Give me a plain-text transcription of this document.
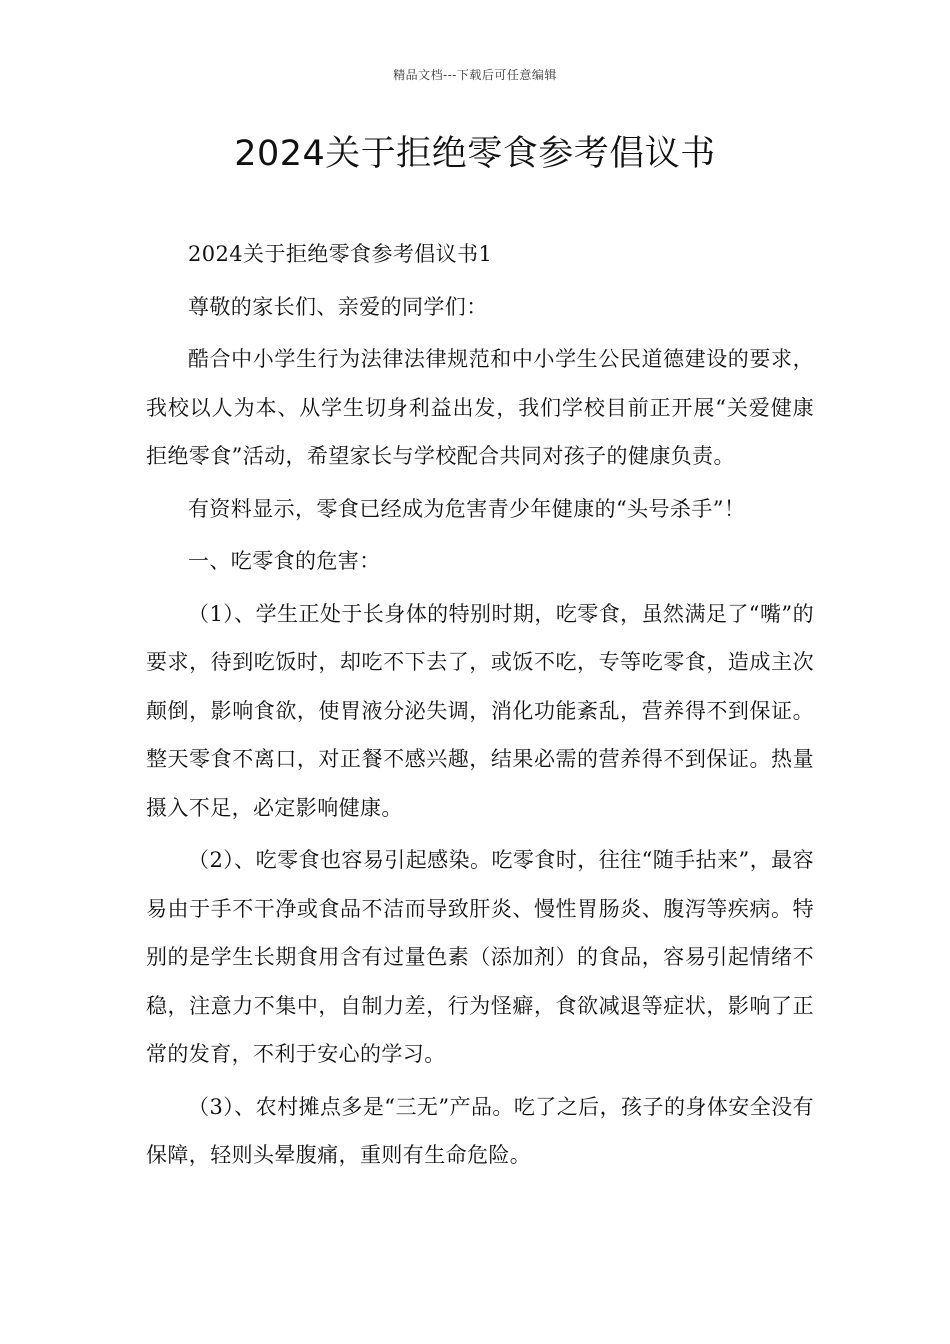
精品文档---下载后可任意编辑
2024关于拒绝零食参考倡议书

2024关于拒绝零食参考倡议书1

尊敬的家长们、亲爱的同学们：

酷合中小学生行为法律法律规范和中小学生公民道德建设的要求，我校以人为本、从学生切身利益出发，我们学校目前正开展“关爱健康拒绝零食”活动，希望家长与学校配合共同对孩子的健康负责。

有资料显示，零食已经成为危害青少年健康的“头号杀手”！

一、吃零食的危害：

（1）、学生正处于长身体的特别时期，吃零食，虽然满足了“嘴”的要求，待到吃饭时，却吃不下去了，或饭不吃，专等吃零食，造成主次颠倒，影响食欲，使胃液分泌失调，消化功能紊乱，营养得不到保证。整天零食不离口，对正餐不感兴趣，结果必需的营养得不到保证。热量摄入不足，必定影响健康。

（2）、吃零食也容易引起感染。吃零食时，往往“随手拈来”，最容易由于手不干净或食品不洁而导致肝炎、慢性胃肠炎、腹泻等疾病。特别的是学生长期食用含有过量色素（添加剂）的食品，容易引起情绪不稳，注意力不集中，自制力差，行为怪癖，食欲减退等症状，影响了正常的发育，不利于安心的学习。

（3）、农村摊点多是“三无”产品。吃了之后，孩子的身体安全没有保障，轻则头晕腹痛，重则有生命危险。
